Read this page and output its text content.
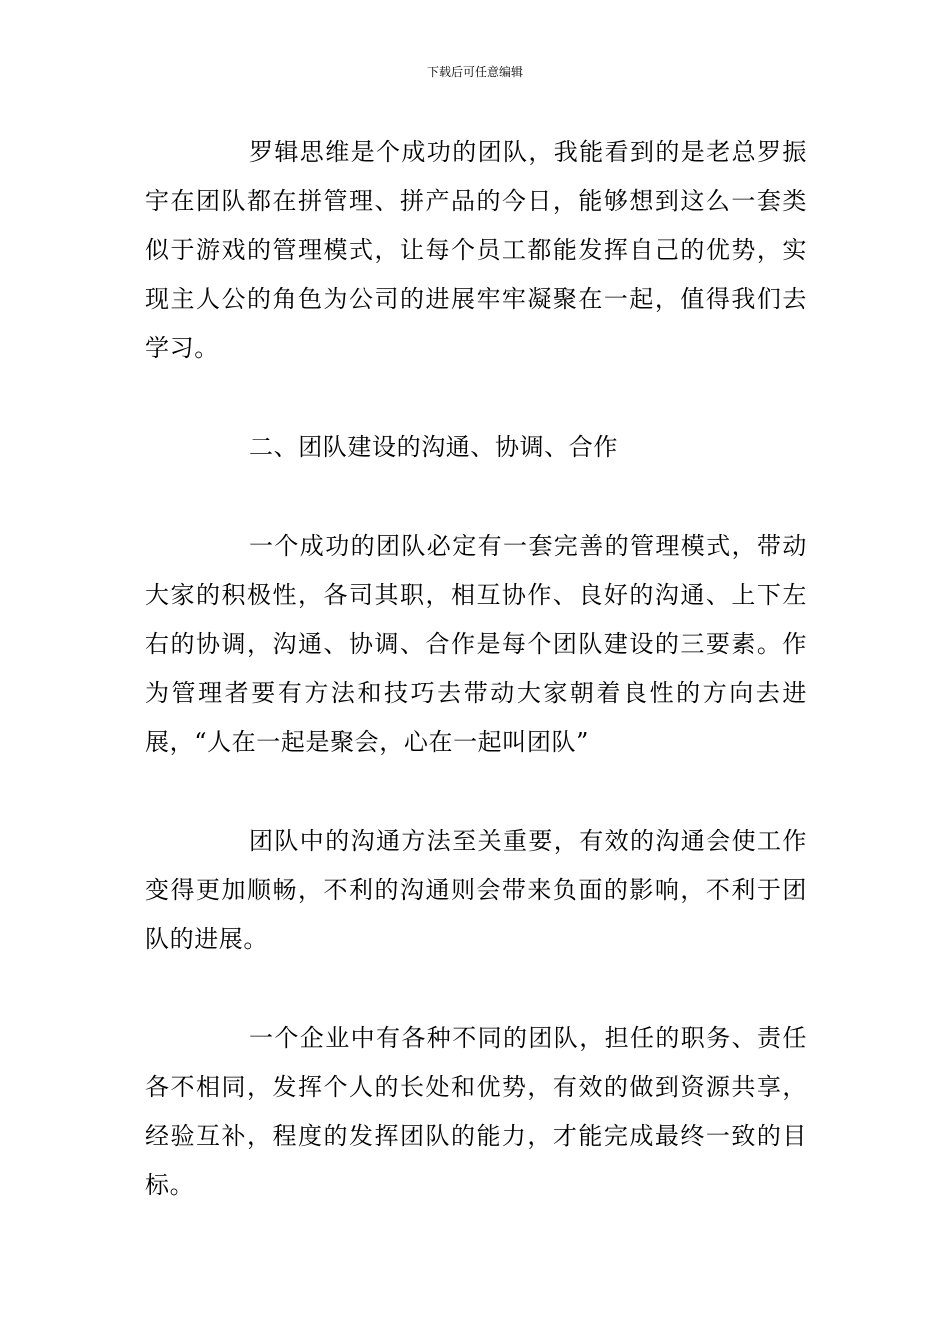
下载后可任意编辑

罗辑思维是个成功的团队，我能看到的是老总罗振宇在团队都在拼管理、拼产品的今日，能够想到这么一套类似于游戏的管理模式，让每个员工都能发挥自己的优势，实现主人公的角色为公司的进展牢牢凝聚在一起，值得我们去学习。

二、团队建设的沟通、协调、合作

一个成功的团队必定有一套完善的管理模式，带动大家的积极性，各司其职，相互协作、良好的沟通、上下左右的协调，沟通、协调、合作是每个团队建设的三要素。作为管理者要有方法和技巧去带动大家朝着良性的方向去进展，“人在一起是聚会，心在一起叫团队”

团队中的沟通方法至关重要，有效的沟通会使工作变得更加顺畅，不利的沟通则会带来负面的影响，不利于团队的进展。

一个企业中有各种不同的团队，担任的职务、责任各不相同，发挥个人的长处和优势，有效的做到资源共享，经验互补，程度的发挥团队的能力，才能完成最终一致的目标。
